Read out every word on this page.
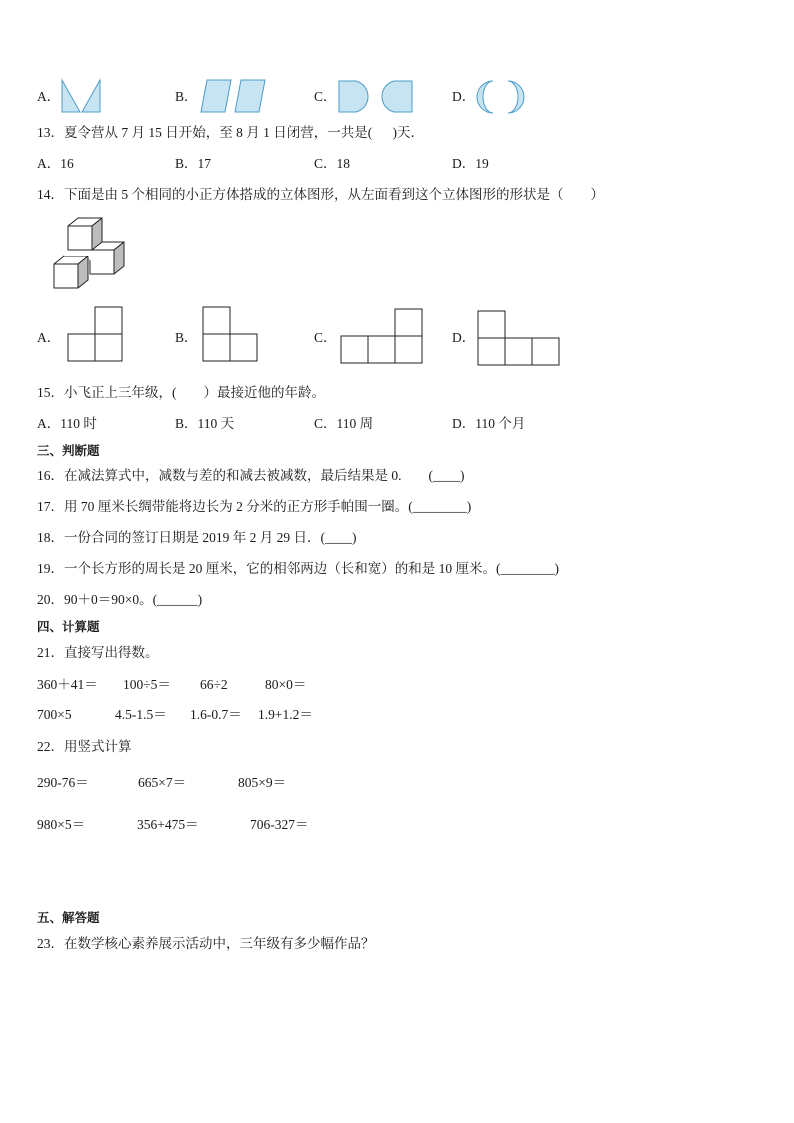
A．	B．	C．	D．
13．夏令营从 7 月 15 日开始，至 8 月 1 日闭营，一共是(      )天．
A．16	B．17	C．18	D．19
14．下面是由 5 个相同的小正方体搭成的立体图形，从左面看到这个立体图形的形状是（        ）
A．	B．	C．	D．
15．小飞正上三年级，(        ）最接近他的年龄。
A．110 时	B．110 天	C．110 周	D．110 个月
三、判断题
16．在减法算式中，减数与差的和减去被减数，最后结果是 0.        (____)
17．用 70 厘米长绸带能将边长为 2 分米的正方形手帕围一圈。(________)
18．一份合同的签订日期是 2019 年 2 月 29 日．(____)
19．一个长方形的周长是 20 厘米，它的相邻两边（长和宽）的和是 10 厘米。(________)
20．90＋0＝90×0。(______)
四、计算题
21．直接写出得数。
360＋41＝ 100÷5＝ 66÷2	80×0＝
700×5	4.5-1.5＝ 1.6-0.7＝ 1.9+1.2＝
22．用竖式计算
290-76＝	665×7＝	805×9＝
980×5＝	356+475＝	706-327＝
五、解答题
23．在数学核心素养展示活动中，三年级有多少幅作品？
